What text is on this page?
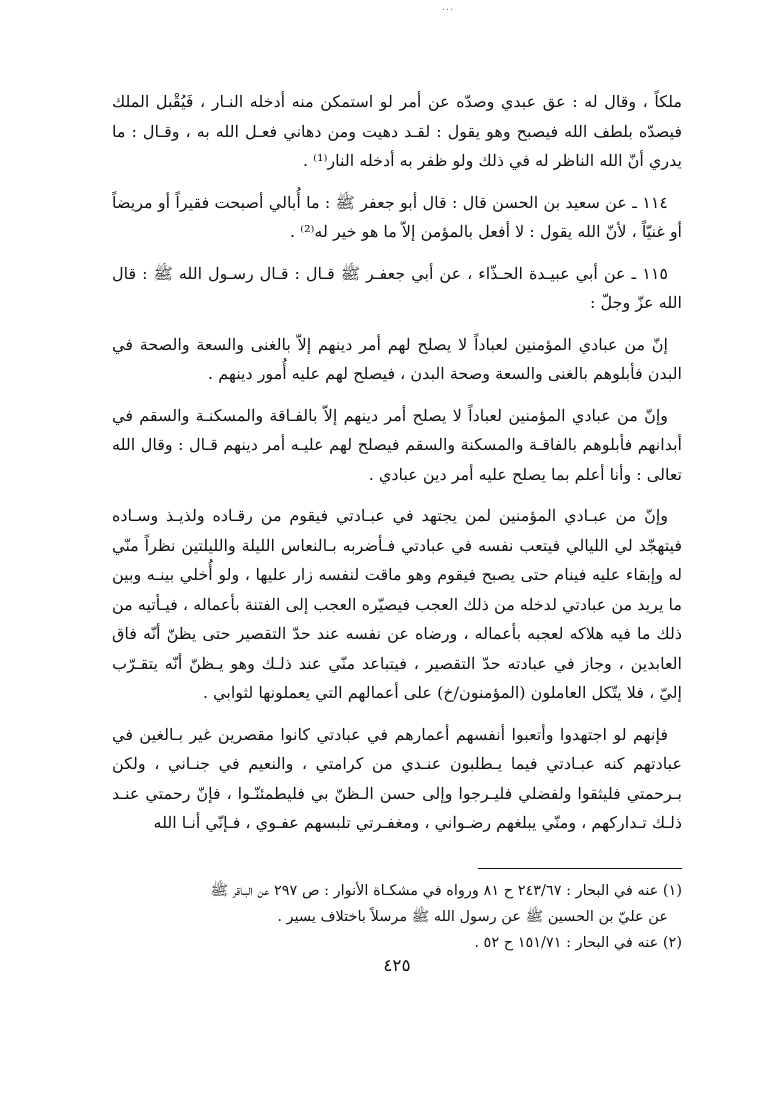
...

ملكاً ، وقال له : عق عبدي وصدّه عن أمر لو استمكن منه أدخله النـار ، فَيُقْبل الملك فيصدّه بلطف الله فيصبح وهو يقول : لقـد دهيت ومن دهاني فعـل الله به ، وقـال : ما يدري أنّ الله الناظر له في ذلك ولو ظفر به أدخله النار⁽¹⁾ .

١١٤ ـ عن سعيد بن الحسن قال : قال أبو جعفر ﷺ : ما أُبالي أصبحت فقيراً أو مريضاً أو غنيّاً ، لأنّ الله يقول : لا أفعل بالمؤمن إلاّ ما هو خير له⁽²⁾ .

١١٥ ـ عن أبي عبيـدة الحـذّاء ، عن أبي جعفـر ﷺ قـال : قـال رسـول الله ﷺ : قال الله عزّ وجلّ :

إنّ من عبادي المؤمنين لعباداً لا يصلح لهم أمر دينهم إلاّ بالغنى والسعة والصحة في البدن فأبلوهم بالغنى والسعة وصحة البدن ، فيصلح لهم عليه أُمور دينهم .

وإنّ من عبادي المؤمنين لعباداً لا يصلح أمر دينهم إلاّ بالفـاقة والمسكنـة والسقم في أبدانهم فأبلوهم بالفاقـة والمسكنة والسقم فيصلح لهم عليـه أمر دينهم قـال : وقال الله تعالى : وأنا أعلم بما يصلح عليه أمر دين عبادي .

وإنّ من عبـادي المؤمنين لمن يجتهد في عبـادتي فيقوم من رقـاده ولذيـذ وسـاده فيتهجّد لي الليالي فيتعب نفسه في عبادتي فـأضربه بـالنعاس الليلة والليلتين نظراً منّي له وإبقاء عليه فينام حتى يصبح فيقوم وهو ماقت لنفسه زار عليها ، ولو أُخلي بينـه وبين ما يريد من عبادتي لدخله من ذلك العجب فيصيّره العجب إلى الفتنة بأعماله ، فيـأتيه من ذلك ما فيه هلاكه لعجبه بأعماله ، ورضاه عن نفسه عند حدّ التقصير حتى يظنّ أنّه فاق العابدين ، وجاز في عبادته حدّ التقصير ، فيتباعد منّي عند ذلـك وهو يـظنّ أنّه يتقـرّب إليّ ، فلا يتّكل العاملون (المؤمنون/خ) على أعمالهم التي يعملونها لثوابي .

فإنهم لو اجتهدوا وأتعبوا أنفسهم أعمارهم في عبادتي كانوا مقصرين غير بـالغين في عبادتهم كنه عبـادتي فيما يـطلبون عنـدي من كرامتي ، والنعيم في جنـاني ، ولكن بـرحمتي فليثقوا ولفضلي فليـرجوا وإلى حسن الـظنّ بي فليطمئنّـوا ، فإنّ رحمتي عنـد ذلـك تـداركهم ، ومنّي يبلغهم رضـواني ، ومغفـرتي تلبسهم عفـوي ، فـإنّي أنـا الله

(١) عنه في البحار : ٢٤٣/٦٧ ح ٨١ ورواه في مشكـاة الأنوار : ص ٢٩٧ عن البـاقر ﷺ

عن عليّ بن الحسين ﷺ عن رسول الله ﷺ مرسلاً باختلاف يسير .

(٢) عنه في البحار : ١٥١/٧١ ح ٥٢ .

٤٢٥
